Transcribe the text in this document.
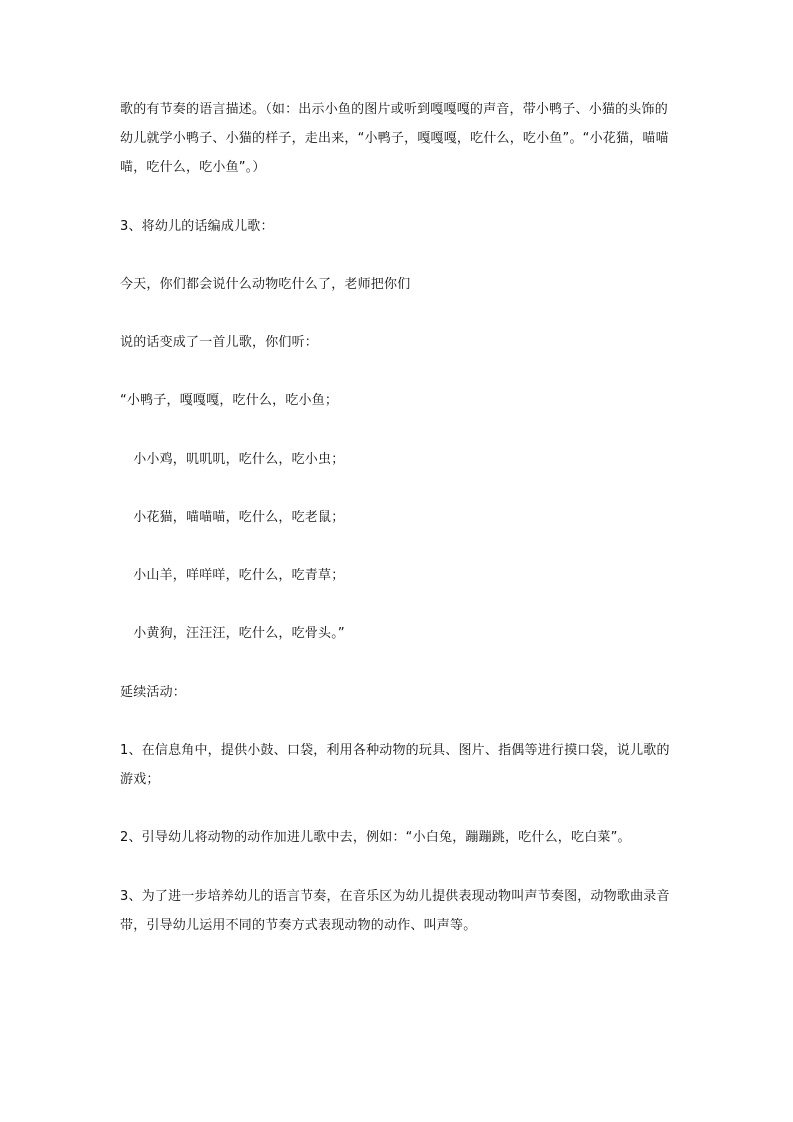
歌的有节奏的语言描述。（如：出示小鱼的图片或听到嘎嘎嘎的声音，带小鸭子、小猫的头饰的
幼儿就学小鸭子、小猫的样子，走出来，“小鸭子，嘎嘎嘎，吃什么，吃小鱼”。“小花猫，喵喵
喵，吃什么，吃小鱼”。）
3、将幼儿的话编成儿歌：
今天，你们都会说什么动物吃什么了，老师把你们
说的话变成了一首儿歌，你们听：
“小鸭子，嘎嘎嘎，吃什么，吃小鱼；
　小小鸡，叽叽叽，吃什么，吃小虫；
　小花猫，喵喵喵，吃什么，吃老鼠；
　小山羊，咩咩咩，吃什么，吃青草；
　小黄狗，汪汪汪，吃什么，吃骨头。”
延续活动：
1、在信息角中，提供小鼓、口袋，利用各种动物的玩具、图片、指偶等进行摸口袋，说儿歌的
游戏；
2、引导幼儿将动物的动作加进儿歌中去，例如：“小白兔，蹦蹦跳，吃什么，吃白菜”。
3、为了进一步培养幼儿的语言节奏，在音乐区为幼儿提供表现动物叫声节奏图，动物歌曲录音
带，引导幼儿运用不同的节奏方式表现动物的动作、叫声等。
